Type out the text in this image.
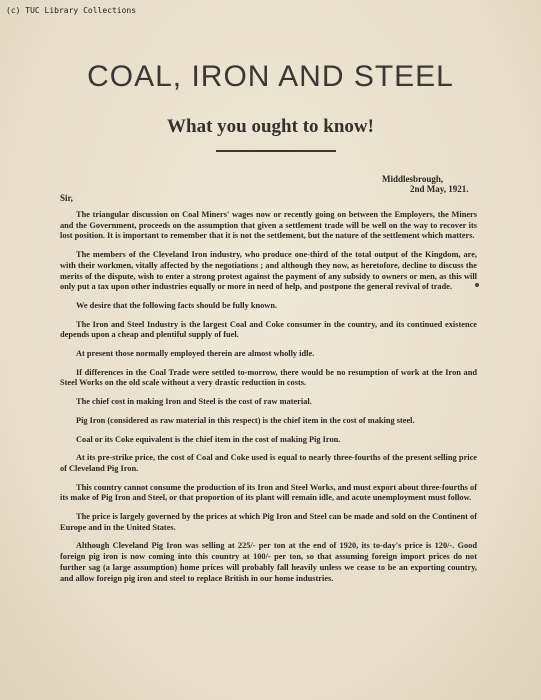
(c) TUC Library Collections
COAL, IRON AND STEEL
What you ought to know!
Middlesbrough,
2nd May, 1921.
Sir,

The triangular discussion on Coal Miners' wages now or recently going on between the Employers, the Miners and the Government, proceeds on the assumption that given a settlement trade will be well on the way to recover its lost position. It is important to remember that it is not the settlement, but the nature of the settlement which matters.

The members of the Cleveland Iron industry, who produce one-third of the total output of the Kingdom, are, with their workmen, vitally affected by the negotiations ; and although they now, as heretofore, decline to discuss the merits of the dispute, wish to enter a strong protest against the payment of any subsidy to owners or men, as this will only put a tax upon other industries equally or more in need of help, and postpone the general revival of trade.

We desire that the following facts should be fully known.

The Iron and Steel Industry is the largest Coal and Coke consumer in the country, and its continued existence depends upon a cheap and plentiful supply of fuel.

At present those normally employed therein are almost wholly idle.

If differences in the Coal Trade were settled to-morrow, there would be no resumption of work at the Iron and Steel Works on the old scale without a very drastic reduction in costs.

The chief cost in making Iron and Steel is the cost of raw material.

Pig Iron (considered as raw material in this respect) is the chief item in the cost of making steel.

Coal or its Coke equivalent is the chief item in the cost of making Pig Iron.

At its pre-strike price, the cost of Coal and Coke used is equal to nearly three-fourths of the present selling price of Cleveland Pig Iron.

This country cannot consume the production of its Iron and Steel Works, and must export about three-fourths of its make of Pig Iron and Steel, or that proportion of its plant will remain idle, and acute unemployment must follow.

The price is largely governed by the prices at which Pig Iron and Steel can be made and sold on the Continent of Europe and in the United States.

Although Cleveland Pig Iron was selling at 225/- per ton at the end of 1920, its to-day's price is 120/-. Good foreign pig iron is now coming into this country at 100/- per ton, so that assuming foreign import prices do not further sag (a large assumption) home prices will probably fall heavily unless we cease to be an exporting country, and allow foreign pig iron and steel to replace British in our home industries.
